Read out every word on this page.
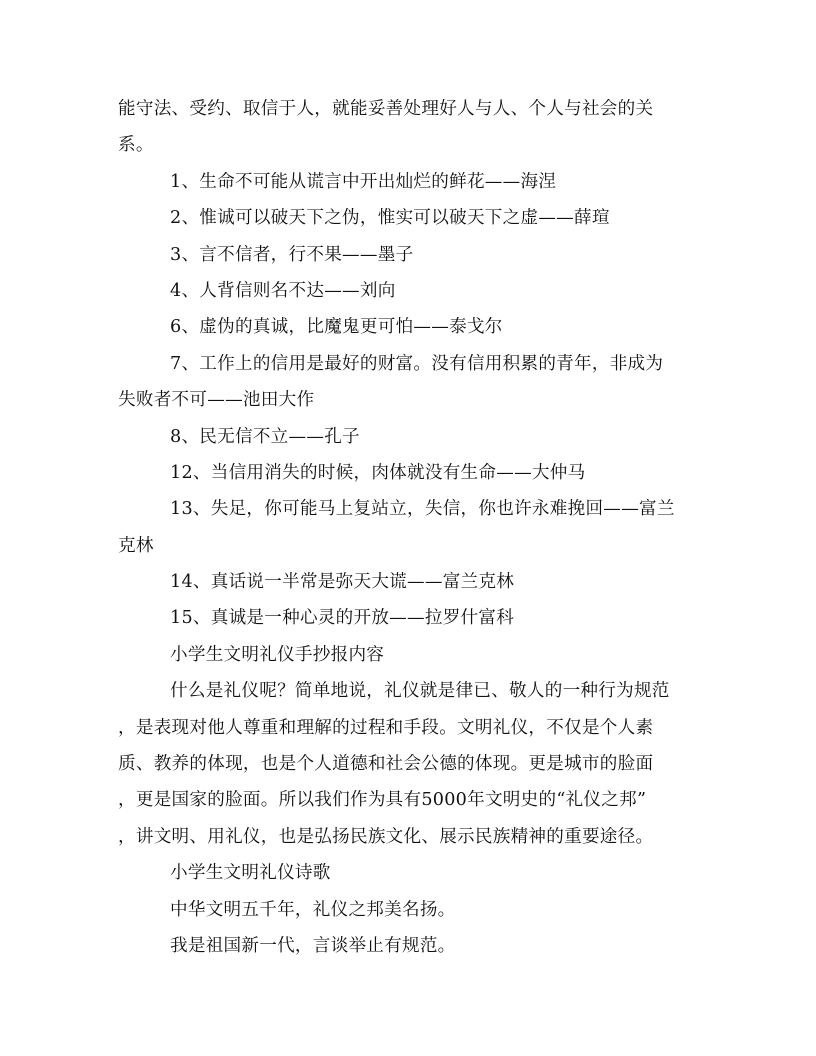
能守法、受约、取信于人，就能妥善处理好人与人、个人与社会的关

系。

1、生命不可能从谎言中开出灿烂的鲜花——海涅

2、惟诚可以破天下之伪，惟实可以破天下之虚——薛瑄

3、言不信者，行不果——墨子

4、人背信则名不达——刘向

6、虚伪的真诚，比魔鬼更可怕——泰戈尔

7、工作上的信用是最好的财富。没有信用积累的青年，非成为

失败者不可——池田大作

8、民无信不立——孔子

12、当信用消失的时候，肉体就没有生命——大仲马

13、失足，你可能马上复站立，失信，你也许永难挽回——富兰

克林

14、真话说一半常是弥天大谎——富兰克林

15、真诚是一种心灵的开放——拉罗什富科

小学生文明礼仪手抄报内容

什么是礼仪呢？简单地说，礼仪就是律已、敬人的一种行为规范

，是表现对他人尊重和理解的过程和手段。文明礼仪，不仅是个人素

质、教养的体现，也是个人道德和社会公德的体现。更是城市的脸面

，更是国家的脸面。所以我们作为具有5000年文明史的“礼仪之邦”

，讲文明、用礼仪，也是弘扬民族文化、展示民族精神的重要途径。

小学生文明礼仪诗歌

中华文明五千年，礼仪之邦美名扬。

我是祖国新一代，言谈举止有规范。
